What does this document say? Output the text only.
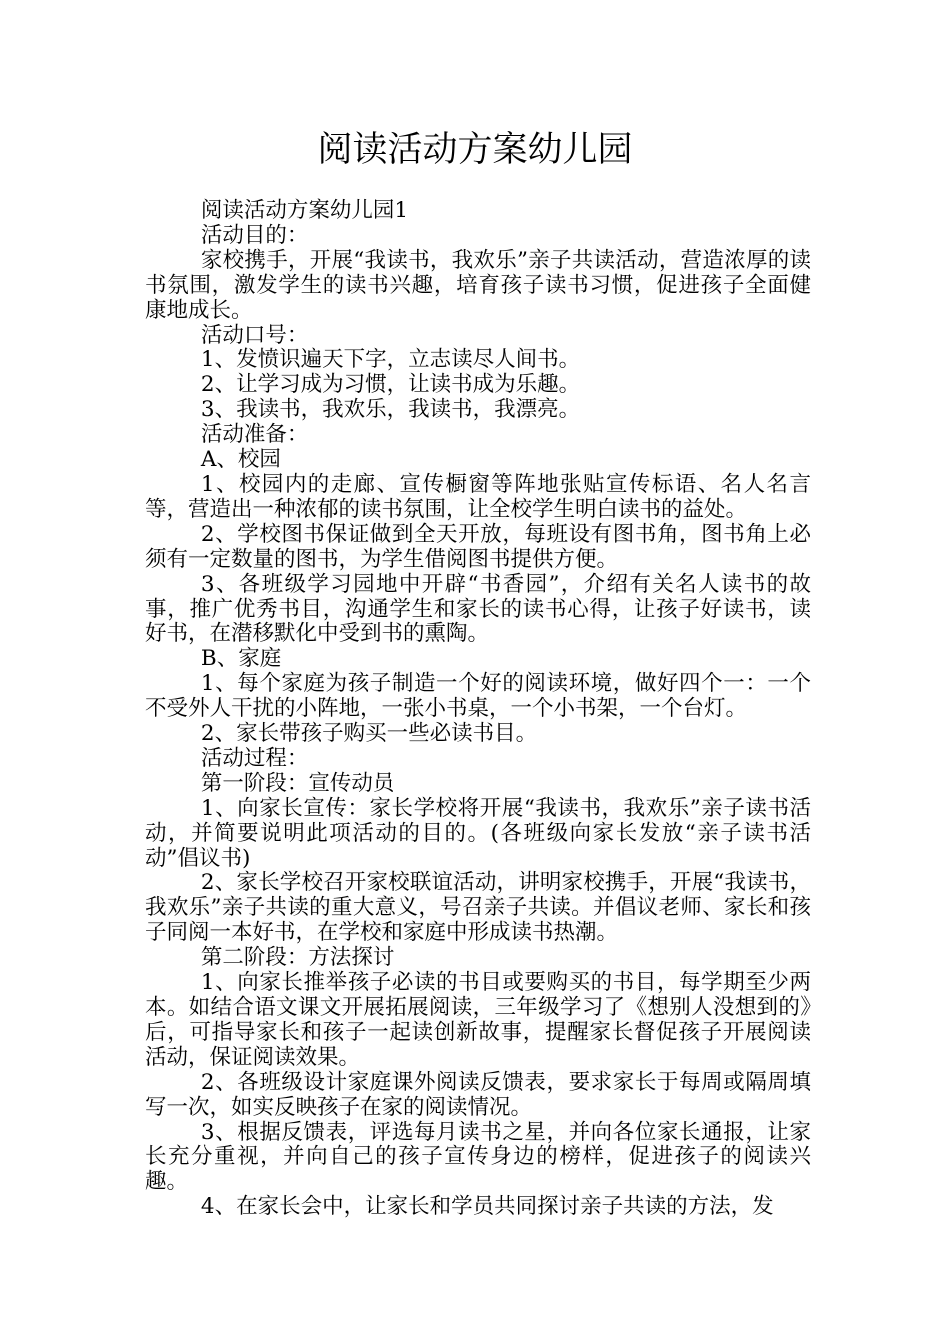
阅读活动方案幼儿园

阅读活动方案幼儿园1

活动目的：

家校携手，开展“我读书，我欢乐”亲子共读活动，营造浓厚的读书氛围，激发学生的读书兴趣，培育孩子读书习惯，促进孩子全面健康地成长。

活动口号：

1、发愤识遍天下字，立志读尽人间书。

2、让学习成为习惯，让读书成为乐趣。

3、我读书，我欢乐，我读书，我漂亮。

活动准备：

A、校园

1、校园内的走廊、宣传橱窗等阵地张贴宣传标语、名人名言等，营造出一种浓郁的读书氛围，让全校学生明白读书的益处。

2、学校图书保证做到全天开放，每班设有图书角，图书角上必须有一定数量的图书，为学生借阅图书提供方便。

3、各班级学习园地中开辟“书香园”，介绍有关名人读书的故事，推广优秀书目，沟通学生和家长的读书心得，让孩子好读书，读好书，在潜移默化中受到书的熏陶。

B、家庭

1、每个家庭为孩子制造一个好的阅读环境，做好四个一：一个不受外人干扰的小阵地，一张小书桌，一个小书架，一个台灯。

2、家长带孩子购买一些必读书目。

活动过程：

第一阶段：宣传动员

1、向家长宣传：家长学校将开展“我读书，我欢乐”亲子读书活动，并简要说明此项活动的目的。(各班级向家长发放“亲子读书活动”倡议书)

2、家长学校召开家校联谊活动，讲明家校携手，开展“我读书，我欢乐”亲子共读的重大意义，号召亲子共读。并倡议老师、家长和孩子同阅一本好书，在学校和家庭中形成读书热潮。

第二阶段：方法探讨

1、向家长推举孩子必读的书目或要购买的书目，每学期至少两本。如结合语文课文开展拓展阅读，三年级学习了《想别人没想到的》后，可指导家长和孩子一起读创新故事，提醒家长督促孩子开展阅读活动，保证阅读效果。

2、各班级设计家庭课外阅读反馈表，要求家长于每周或隔周填写一次，如实反映孩子在家的阅读情况。

3、根据反馈表，评选每月读书之星，并向各位家长通报，让家长充分重视，并向自己的孩子宣传身边的榜样，促进孩子的阅读兴趣。

4、在家长会中，让家长和学员共同探讨亲子共读的方法，发
